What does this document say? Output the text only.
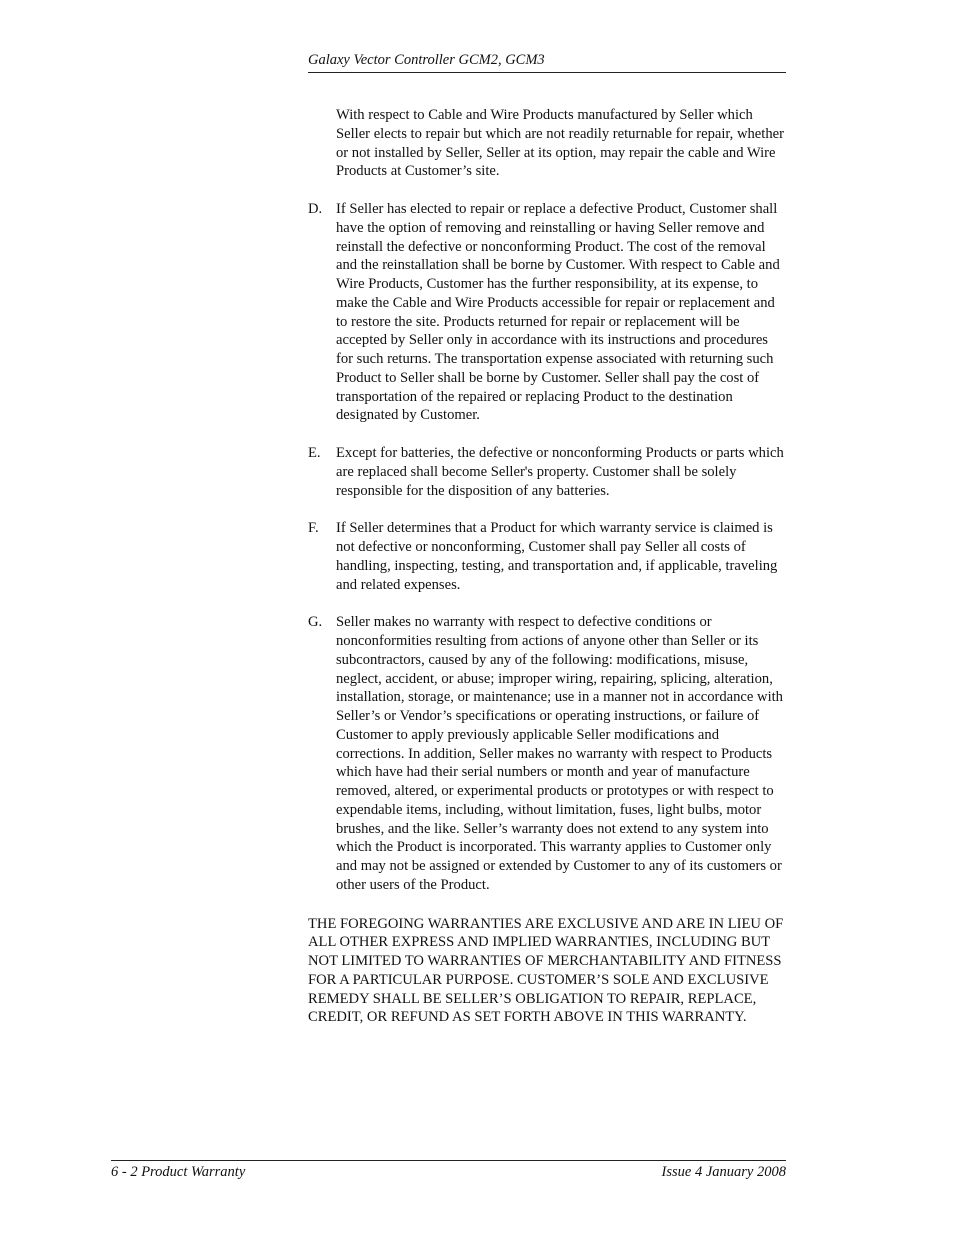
Galaxy Vector Controller GCM2, GCM3

With respect to Cable and Wire Products manufactured by Seller which Seller elects to repair but which are not readily returnable for repair, whether or not installed by Seller, Seller at its option, may repair the cable and Wire Products at Customer’s site.

D. If Seller has elected to repair or replace a defective Product, Customer shall have the option of removing and reinstalling or having Seller remove and reinstall the defective or nonconforming Product. The cost of the removal and the reinstallation shall be borne by Customer. With respect to Cable and Wire Products, Customer has the further responsibility, at its expense, to make the Cable and Wire Products accessible for repair or replacement and to restore the site. Products returned for repair or replacement will be accepted by Seller only in accordance with its instructions and procedures for such returns. The transportation expense associated with returning such Product to Seller shall be borne by Customer. Seller shall pay the cost of transportation of the repaired or replacing Product to the destination designated by Customer.
E.	Except for batteries, the defective or nonconforming Products or parts which are replaced shall become Seller's property. Customer shall be solely responsible for the disposition of any batteries.
F.	If Seller determines that a Product for which warranty service is claimed is not defective or nonconforming, Customer shall pay Seller all costs of handling, inspecting, testing, and transportation and, if applicable, traveling and related expenses.
G. Seller makes no warranty with respect to defective conditions or nonconformities resulting from actions of anyone other than Seller or its subcontractors, caused by any of the following: modifications, misuse, neglect, accident, or abuse; improper wiring, repairing, splicing, alteration, installation, storage, or maintenance; use in a manner not in accordance with Seller’s or Vendor’s specifications or operating instructions, or failure of Customer to apply previously applicable Seller modifications and corrections. In addition, Seller makes no warranty with respect to Products which have had their serial numbers or month and year of manufacture removed, altered, or experimental products or prototypes or with respect to expendable items, including, without limitation, fuses, light bulbs, motor brushes, and the like. Seller’s warranty does not extend to any system into which the Product is incorporated. This warranty applies to Customer only and may not be assigned or extended by Customer to any of its customers or other users of the Product.

THE FOREGOING WARRANTIES ARE EXCLUSIVE AND ARE IN LIEU OF ALL OTHER EXPRESS AND IMPLIED WARRANTIES, INCLUDING BUT NOT LIMITED TO WARRANTIES OF MERCHANTABILITY AND FITNESS FOR A PARTICULAR PURPOSE. CUSTOMER’S SOLE AND EXCLUSIVE REMEDY SHALL BE SELLER’S OBLIGATION TO REPAIR, REPLACE, CREDIT, OR REFUND AS SET FORTH ABOVE IN THIS WARRANTY.

6 - 2 Product Warranty	Issue 4 January 2008
